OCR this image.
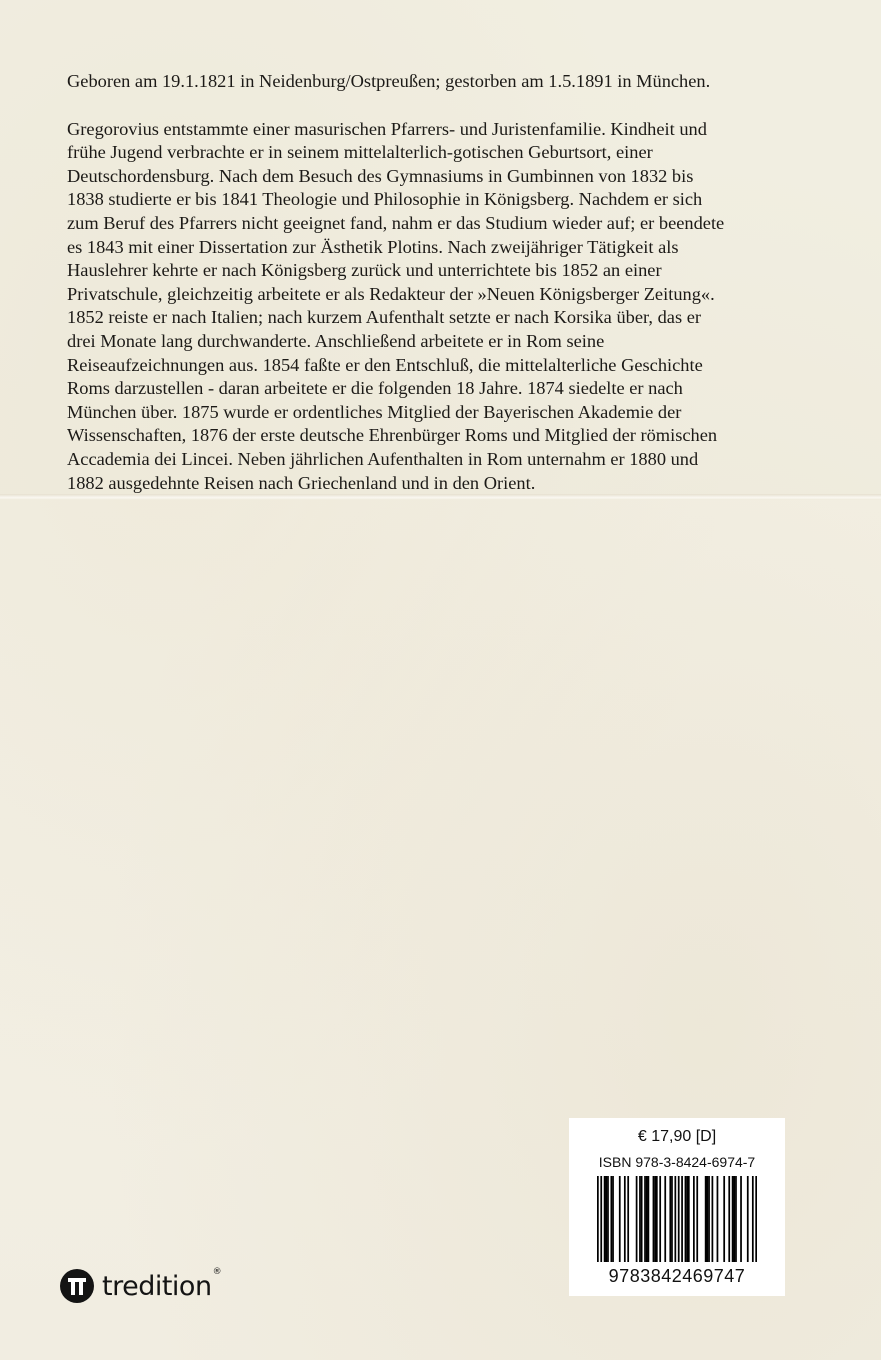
Geboren am 19.1.1821 in Neidenburg/Ostpreußen; gestorben am 1.5.1891 in München.

Gregorovius entstammte einer masurischen Pfarrers- und Juristenfamilie. Kindheit und
frühe Jugend verbrachte er in seinem mittelalterlich-gotischen Geburtsort, einer
Deutschordensburg. Nach dem Besuch des Gymnasiums in Gumbinnen von 1832 bis
1838 studierte er bis 1841 Theologie und Philosophie in Königsberg. Nachdem er sich
zum Beruf des Pfarrers nicht geeignet fand, nahm er das Studium wieder auf; er beendete
es 1843 mit einer Dissertation zur Ästhetik Plotins. Nach zweijähriger Tätigkeit als
Hauslehrer kehrte er nach Königsberg zurück und unterrichtete bis 1852 an einer
Privatschule, gleichzeitig arbeitete er als Redakteur der »Neuen Königsberger Zeitung«.
1852 reiste er nach Italien; nach kurzem Aufenthalt setzte er nach Korsika über, das er
drei Monate lang durchwanderte. Anschließend arbeitete er in Rom seine
Reiseaufzeichnungen aus. 1854 faßte er den Entschluß, die mittelalterliche Geschichte
Roms darzustellen - daran arbeitete er die folgenden 18 Jahre. 1874 siedelte er nach
München über. 1875 wurde er ordentliches Mitglied der Bayerischen Akademie der
Wissenschaften, 1876 der erste deutsche Ehrenbürger Roms und Mitglied der römischen
Accademia dei Lincei. Neben jährlichen Aufenthalten in Rom unternahm er 1880 und
1882 ausgedehnte Reisen nach Griechenland und in den Orient.

€ 17,90 [D]
ISBN 978-3-8424-6974-7
9783842469747
tredition®
